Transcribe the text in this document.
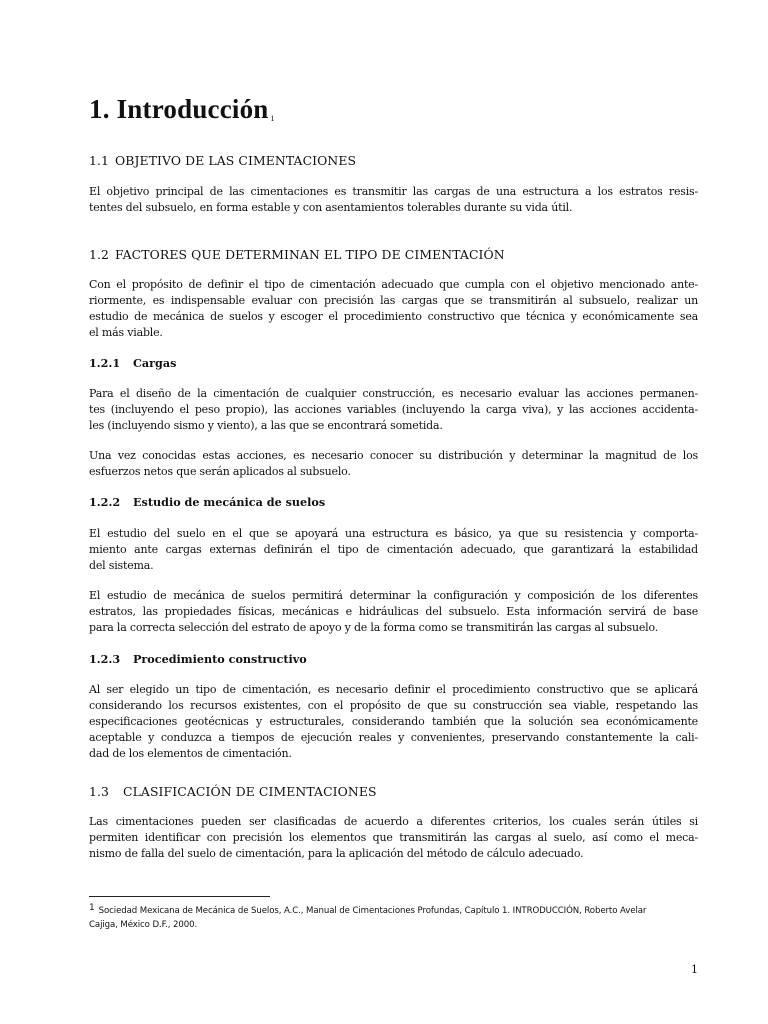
1. Introducción $^1$
1.1 OBJETIVO DE LAS CIMENTACIONES
El objetivo principal de las cimentaciones es transmitir las cargas de una estructura a los estratos resis-
tentes del subsuelo, en forma estable y con asentamientos tolerables durante su vida útil.
1.2 FACTORES QUE DETERMINAN EL TIPO DE CIMENTACIÓN
Con el propósito de definir el tipo de cimentación adecuado que cumpla con el objetivo mencionado ante-
riormente, es indispensable evaluar con precisión las cargas que se transmitirán al subsuelo, realizar un
estudio de mecánica de suelos y escoger el procedimiento constructivo que técnica y económicamente sea
el más viable.
1.2.1 Cargas
Para el diseño de la cimentación de cualquier construcción, es necesario evaluar las acciones permanen-
tes (incluyendo el peso propio), las acciones variables (incluyendo la carga viva), y las acciones accidenta-
les (incluyendo sismo y viento), a las que se encontrará sometida.
Una vez conocidas estas acciones, es necesario conocer su distribución y determinar la magnitud de los
esfuerzos netos que serán aplicados al subsuelo.
1.2.2 Estudio de mecánica de suelos
El estudio del suelo en el que se apoyará una estructura es básico, ya que su resistencia y comporta-
miento ante cargas externas definirán el tipo de cimentación adecuado, que garantizará la estabilidad
del sistema.
El estudio de mecánica de suelos permitirá determinar la configuración y composición de los diferentes
estratos, las propiedades físicas, mecánicas e hidráulicas del subsuelo. Esta información servirá de base
para la correcta selección del estrato de apoyo y de la forma como se transmitirán las cargas al subsuelo.
1.2.3 Procedimiento constructivo
Al ser elegido un tipo de cimentación, es necesario definir el procedimiento constructivo que se aplicará
considerando los recursos existentes, con el propósito de que su construcción sea viable, respetando las
especificaciones geotécnicas y estructurales, considerando también que la solución sea económicamente
aceptable y conduzca a tiempos de ejecución reales y convenientes, preservando constantemente la cali-
dad de los elementos de cimentación.
1.3 CLASIFICACIÓN DE CIMENTACIONES
Las cimentaciones pueden ser clasificadas de acuerdo a diferentes criterios, los cuales serán útiles si
permiten identificar con precisión los elementos que transmitirán las cargas al suelo, así como el meca-
nismo de falla del suelo de cimentación, para la aplicación del método de cálculo adecuado.
1 Sociedad Mexicana de Mecánica de Suelos, A.C., Manual de Cimentaciones Profundas, Capítulo 1. INTRODUCCIÓN, Roberto Avelar
Cajiga, México D.F., 2000.
1
